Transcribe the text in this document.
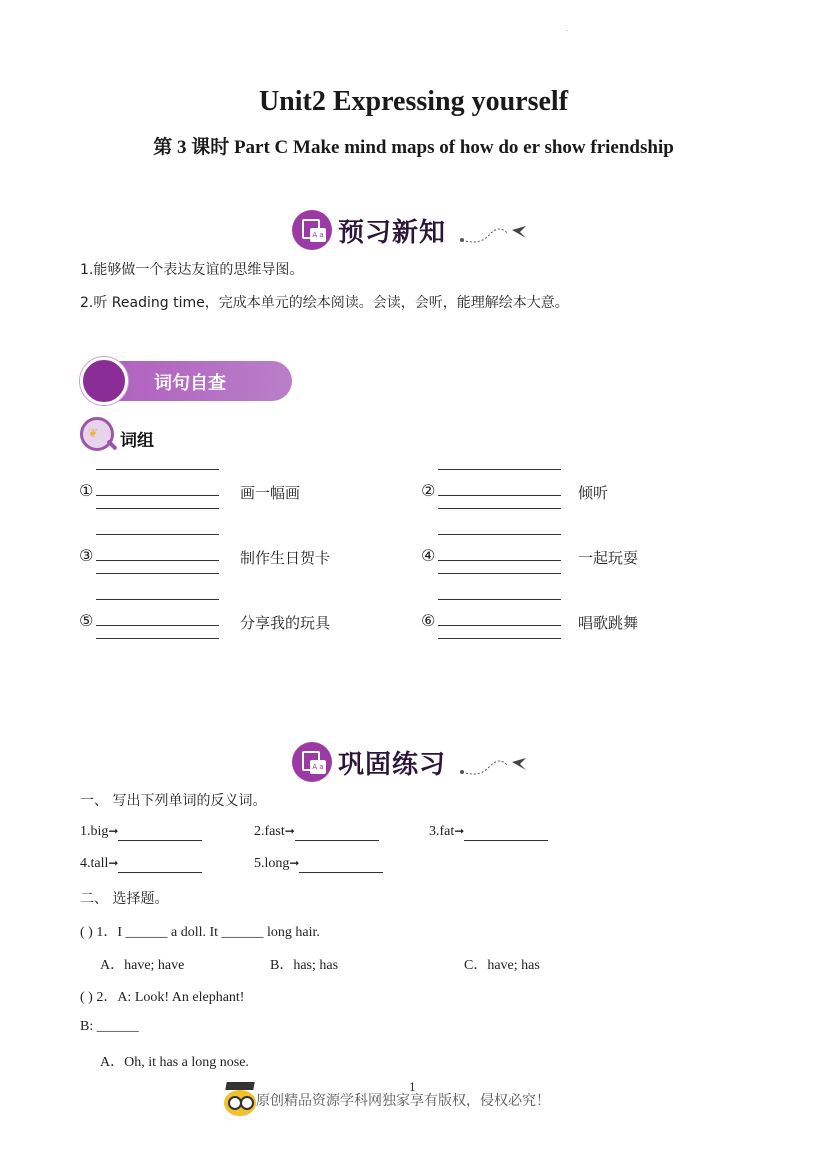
.
Unit2 Expressing yourself
第 3 课时 Part C Make mind maps of how do er show friendship
A a
预习新知
1.能够做一个表达友谊的思维导图。
2.听 Reading time，完成本单元的绘本阅读。会读，会听，能理解绘本大意。
词句自查
❦ 词组
①	画一幅画	②	倾听
③	制作生日贺卡	④	一起玩耍
⑤	分享我的玩具	⑥	唱歌跳舞
A a
巩固练习
一、 写出下列单词的反义词。
1.big➞	2.fast➞	3.fat➞
4.tall➞	5.long➞
二、 选择题。
( ) 1．I ______ a doll. It ______ long hair.
A．have; have	B．has; has	C．have; has
( ) 2．A: Look! An elephant!
B: ______
A．Oh, it has a long nose.
1
原创精品资源学科网独家享有版权，侵权必究！
